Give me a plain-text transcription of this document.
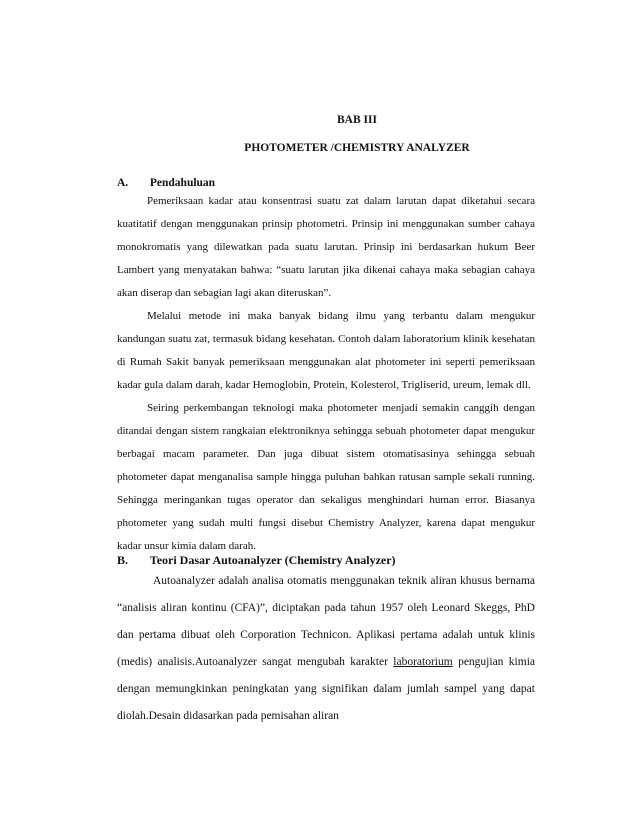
BAB III
PHOTOMETER /CHEMISTRY ANALYZER
A. Pendahuluan

Pemeriksaan kadar atau konsentrasi suatu zat dalam larutan dapat diketahui secara kuatitatif dengan menggunakan prinsip photometri. Prinsip ini menggunakan sumber cahaya monokromatis yang dilewatkan pada suatu larutan. Prinsip ini berdasarkan hukum Beer Lambert yang menyatakan bahwa: “suatu larutan jika dikenai cahaya maka sebagian cahaya akan diserap dan sebagian lagi akan diteruskan”.

Melalui metode ini maka banyak bidang ilmu yang terbantu dalam mengukur kandungan suatu zat, termasuk bidang kesehatan. Contoh dalam laboratorium klinik kesehatan di Rumah Sakit banyak pemeriksaan menggunakan alat photometer ini seperti pemeriksaan kadar gula dalam darah, kadar Hemoglobin, Protein, Kolesterol, Trigliserid, ureum, lemak dll.

Seiring perkembangan teknologi maka photometer menjadi semakin canggih dengan ditandai dengan sistem rangkaian elektroniknya sehingga sebuah photometer dapat mengukur berbagai macam parameter. Dan juga dibuat sistem otomatisasinya sehingga sebuah photometer dapat menganalisa sample hingga puluhan bahkan ratusan sample sekali running. Sehingga meringankan tugas operator dan sekaligus menghindari human error. Biasanya photometer yang sudah multi fungsi disebut Chemistry Analyzer, karena dapat mengukur kadar unsur kimia dalam darah.

B. Teori Dasar Autoanalyzer (Chemistry Analyzer)

Autoanalyzer adalah analisa otomatis menggunakan teknik aliran khusus bernama “analisis aliran kontinu (CFA)”, diciptakan pada tahun 1957 oleh Leonard Skeggs, PhD dan pertama dibuat oleh Corporation Technicon. Aplikasi pertama adalah untuk klinis (medis) analisis.Autoanalyzer sangat mengubah karakter laboratorium pengujian kimia dengan memungkinkan peningkatan yang signifikan dalam jumlah sampel yang dapat diolah.Desain didasarkan pada pemisahan aliran
